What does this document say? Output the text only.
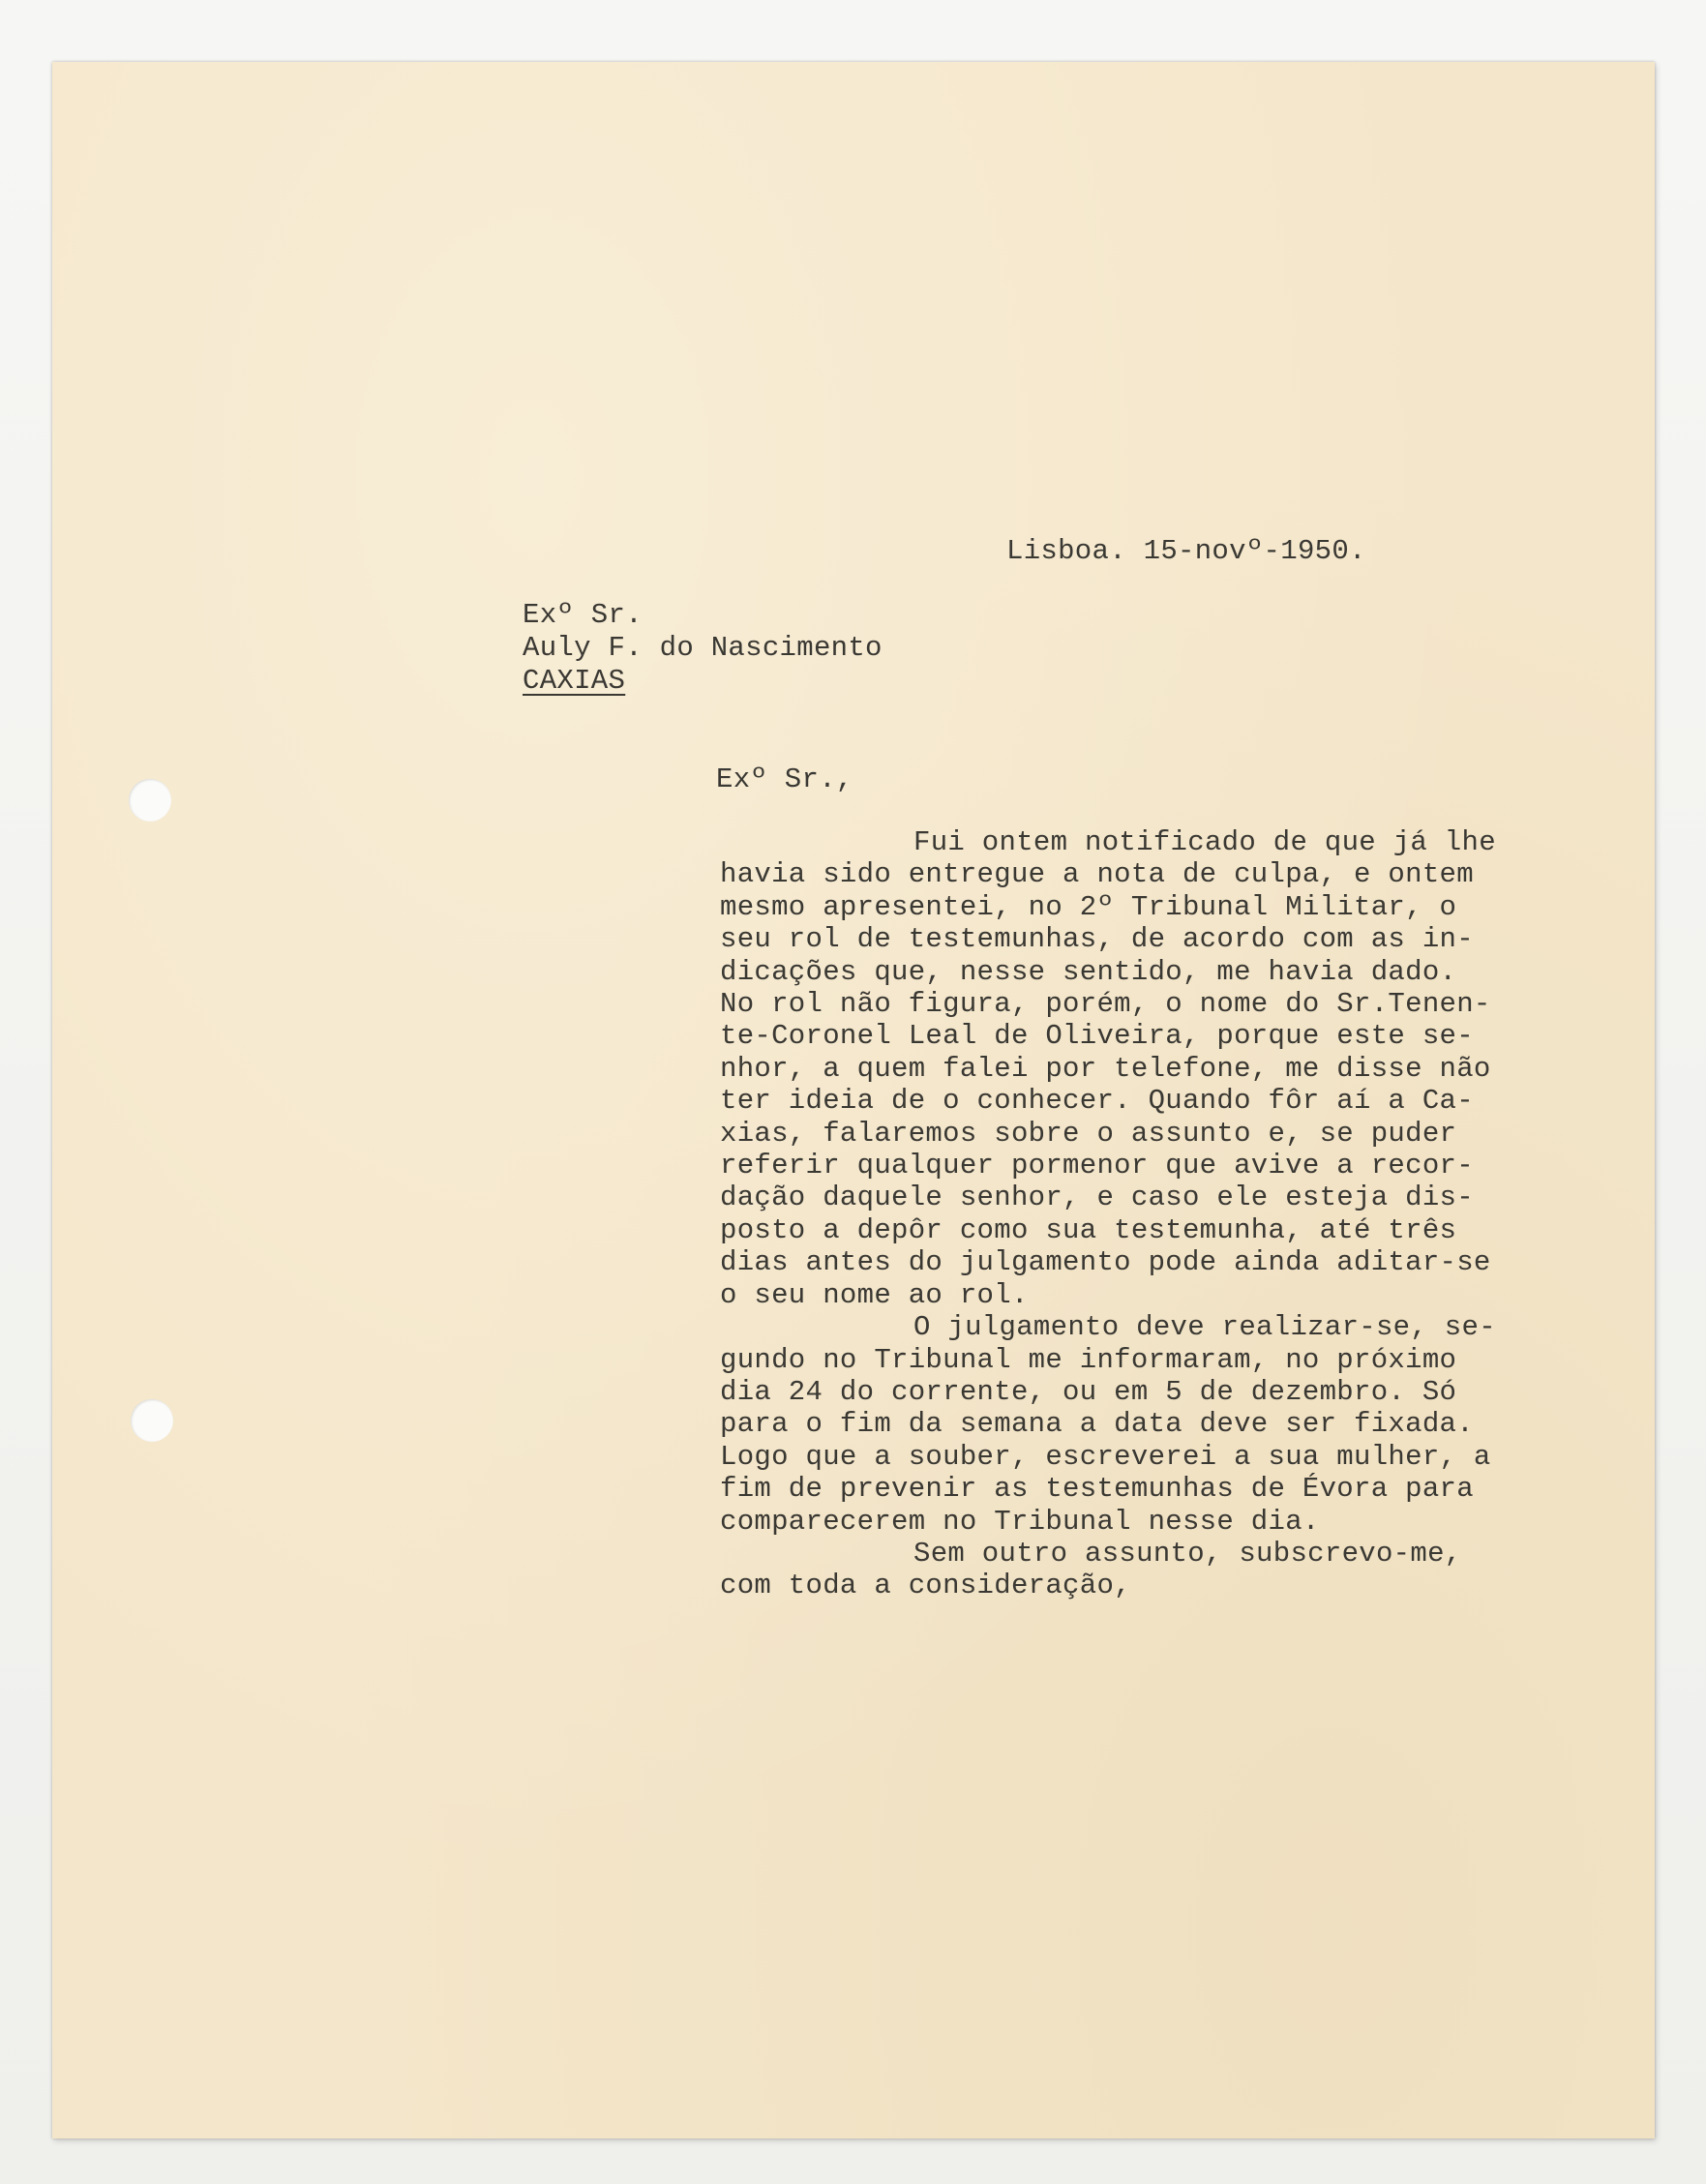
Lisboa. 15-novº-1950.
Exº Sr.
Auly F. do Nascimento
CAXIAS
Exº Sr.,
Fui ontem notificado de que já lhe
havia sido entregue a nota de culpa, e ontem
mesmo apresentei, no 2º Tribunal Militar, o
seu rol de testemunhas, de acordo com as in-
dicações que, nesse sentido, me havia dado.
No rol não figura, porém, o nome do Sr.Tenen-
te-Coronel Leal de Oliveira, porque este se-
nhor, a quem falei por telefone, me disse não
ter ideia de o conhecer. Quando fôr aí a Ca-
xias, falaremos sobre o assunto e, se puder
referir qualquer pormenor que avive a recor-
dação daquele senhor, e caso ele esteja dis-
posto a depôr como sua testemunha, até três
dias antes do julgamento pode ainda aditar-se
o seu nome ao rol.
O julgamento deve realizar-se, se-
gundo no Tribunal me informaram, no próximo
dia 24 do corrente, ou em 5 de dezembro. Só
para o fim da semana a data deve ser fixada.
Logo que a souber, escreverei a sua mulher, a
fim de prevenir as testemunhas de Évora para
comparecerem no Tribunal nesse dia.
Sem outro assunto, subscrevo-me,
com toda a consideração,
